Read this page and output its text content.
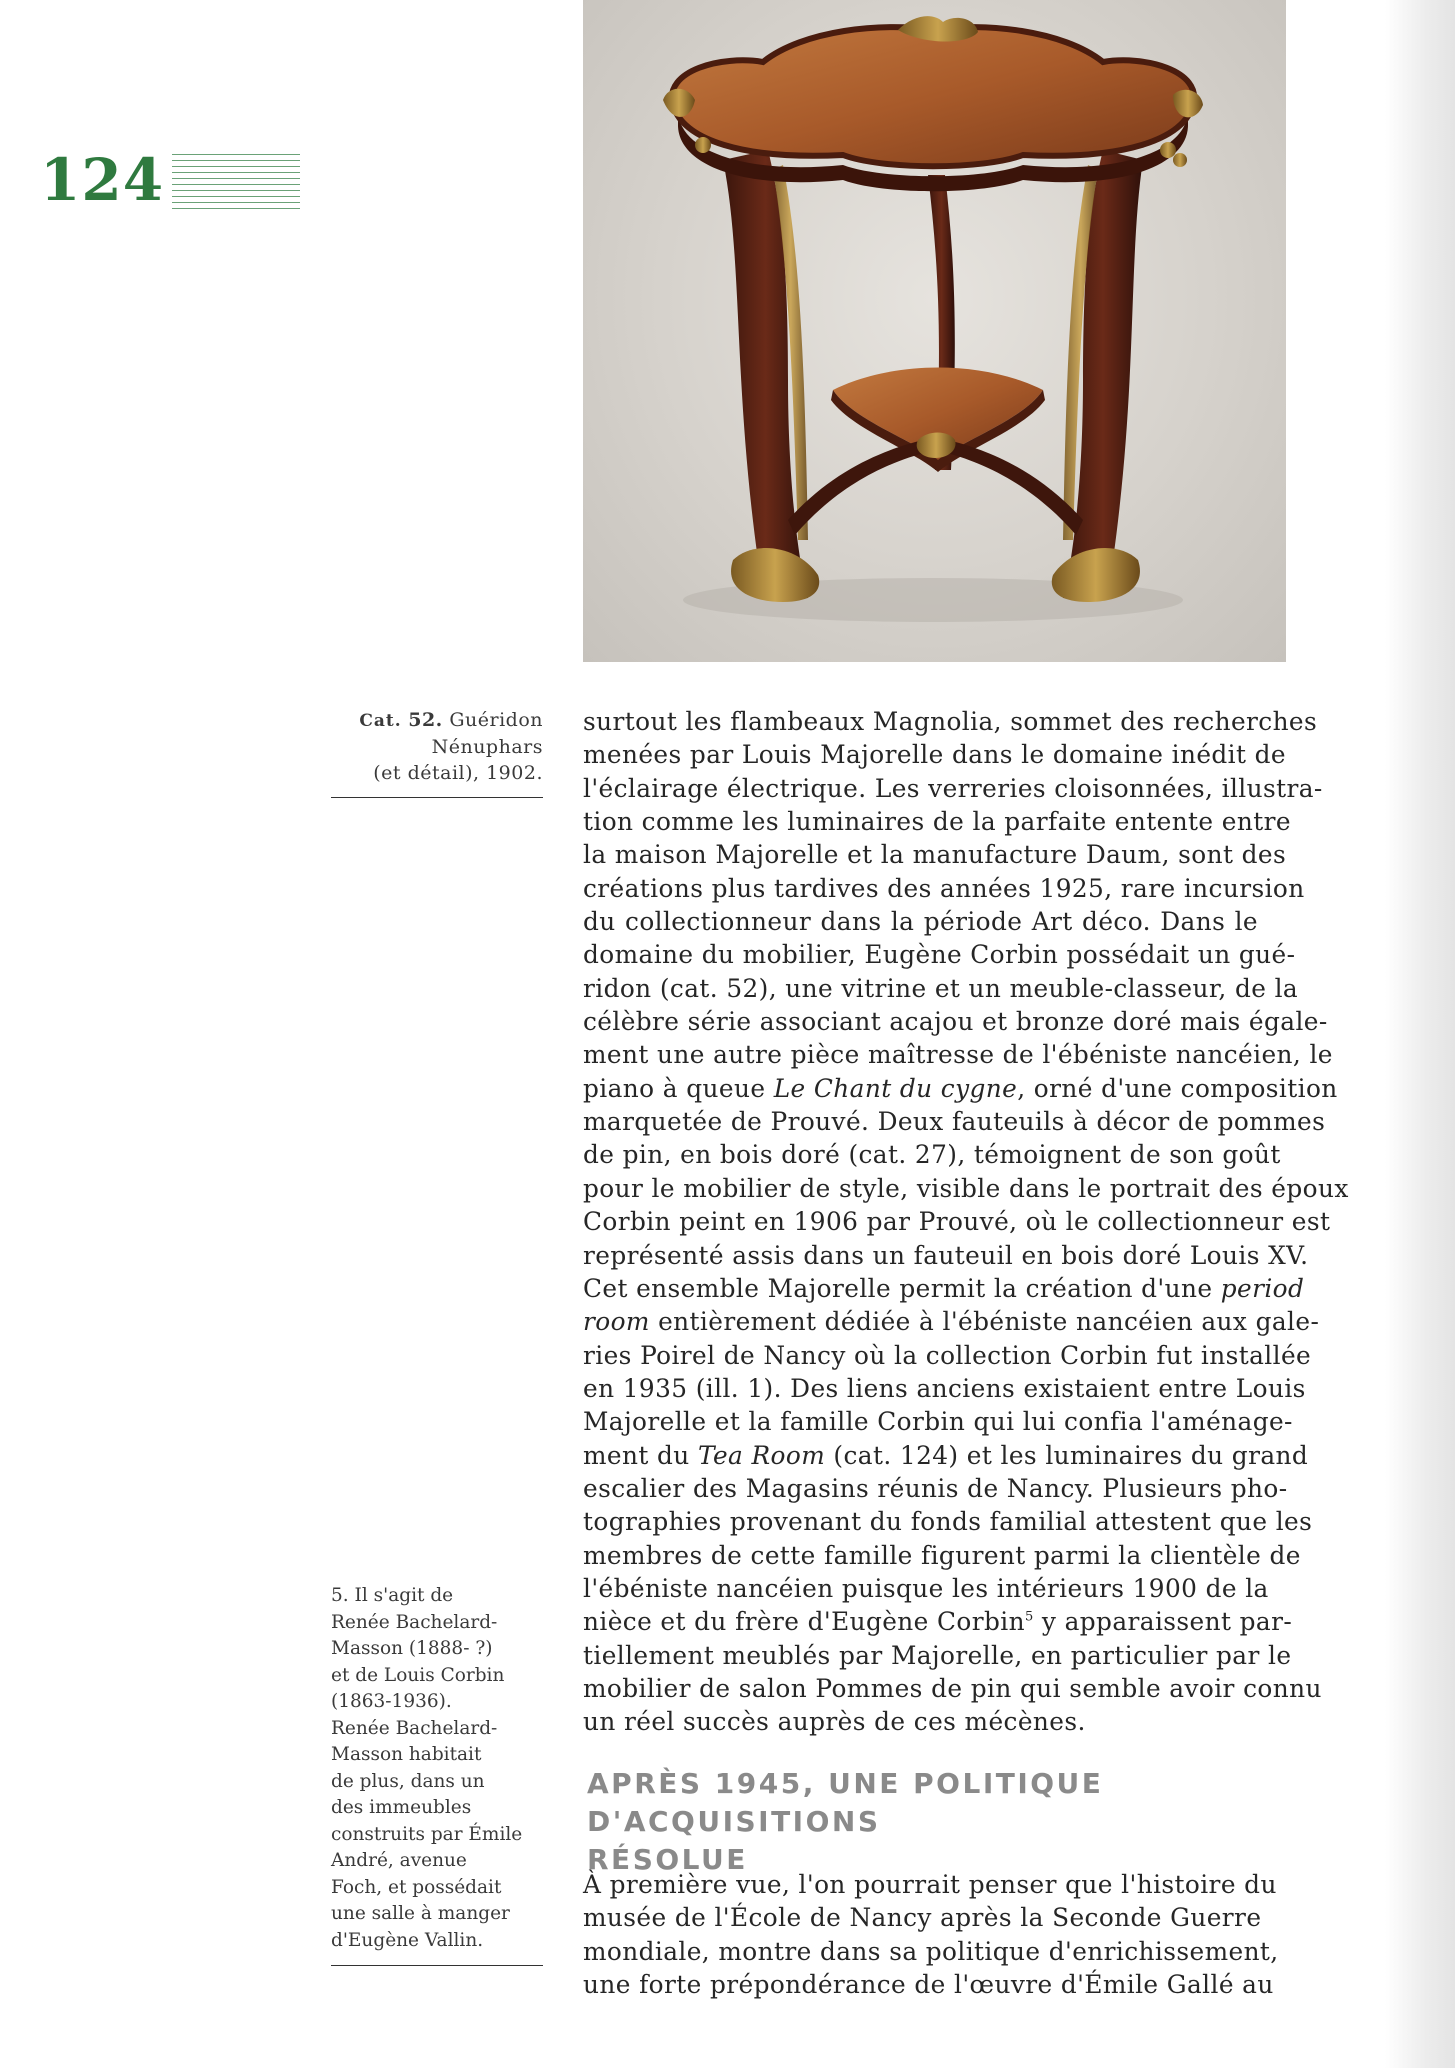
124
Cat. 52. Guéridon
Nénuphars
(et détail), 1902.
5. Il s'agit de
Renée Bachelard-
Masson (1888- ?)
et de Louis Corbin
(1863-1936).
Renée Bachelard-
Masson habitait
de plus, dans un
des immeubles
construits par Émile
André, avenue
Foch, et possédait
une salle à manger
d'Eugène Vallin.
surtout les flambeaux Magnolia, sommet des recherches
menées par Louis Majorelle dans le domaine inédit de
l'éclairage électrique. Les verreries cloisonnées, illustra-
tion comme les luminaires de la parfaite entente entre
la maison Majorelle et la manufacture Daum, sont des
créations plus tardives des années 1925, rare incursion
du collectionneur dans la période Art déco. Dans le
domaine du mobilier, Eugène Corbin possédait un gué-
ridon (cat. 52), une vitrine et un meuble-classeur, de la
célèbre série associant acajou et bronze doré mais égale-
ment une autre pièce maîtresse de l'ébéniste nancéien, le
piano à queue Le Chant du cygne, orné d'une composition
marquetée de Prouvé. Deux fauteuils à décor de pommes
de pin, en bois doré (cat. 27), témoignent de son goût
pour le mobilier de style, visible dans le portrait des époux
Corbin peint en 1906 par Prouvé, où le collectionneur est
représenté assis dans un fauteuil en bois doré Louis XV.
Cet ensemble Majorelle permit la création d'une period
room entièrement dédiée à l'ébéniste nancéien aux gale-
ries Poirel de Nancy où la collection Corbin fut installée
en 1935 (ill. 1). Des liens anciens existaient entre Louis
Majorelle et la famille Corbin qui lui confia l'aménage-
ment du Tea Room (cat. 124) et les luminaires du grand
escalier des Magasins réunis de Nancy. Plusieurs pho-
tographies provenant du fonds familial attestent que les
membres de cette famille figurent parmi la clientèle de
l'ébéniste nancéien puisque les intérieurs 1900 de la
nièce et du frère d'Eugène Corbin$^5$ y apparaissent par-
tiellement meublés par Majorelle, en particulier par le
mobilier de salon Pommes de pin qui semble avoir connu
un réel succès auprès de ces mécènes.
APRÈS 1945, UNE POLITIQUE D'ACQUISITIONS
RÉSOLUE
À première vue, l'on pourrait penser que l'histoire du
musée de l'École de Nancy après la Seconde Guerre
mondiale, montre dans sa politique d'enrichissement,
une forte prépondérance de l'œuvre d'Émile Gallé au
